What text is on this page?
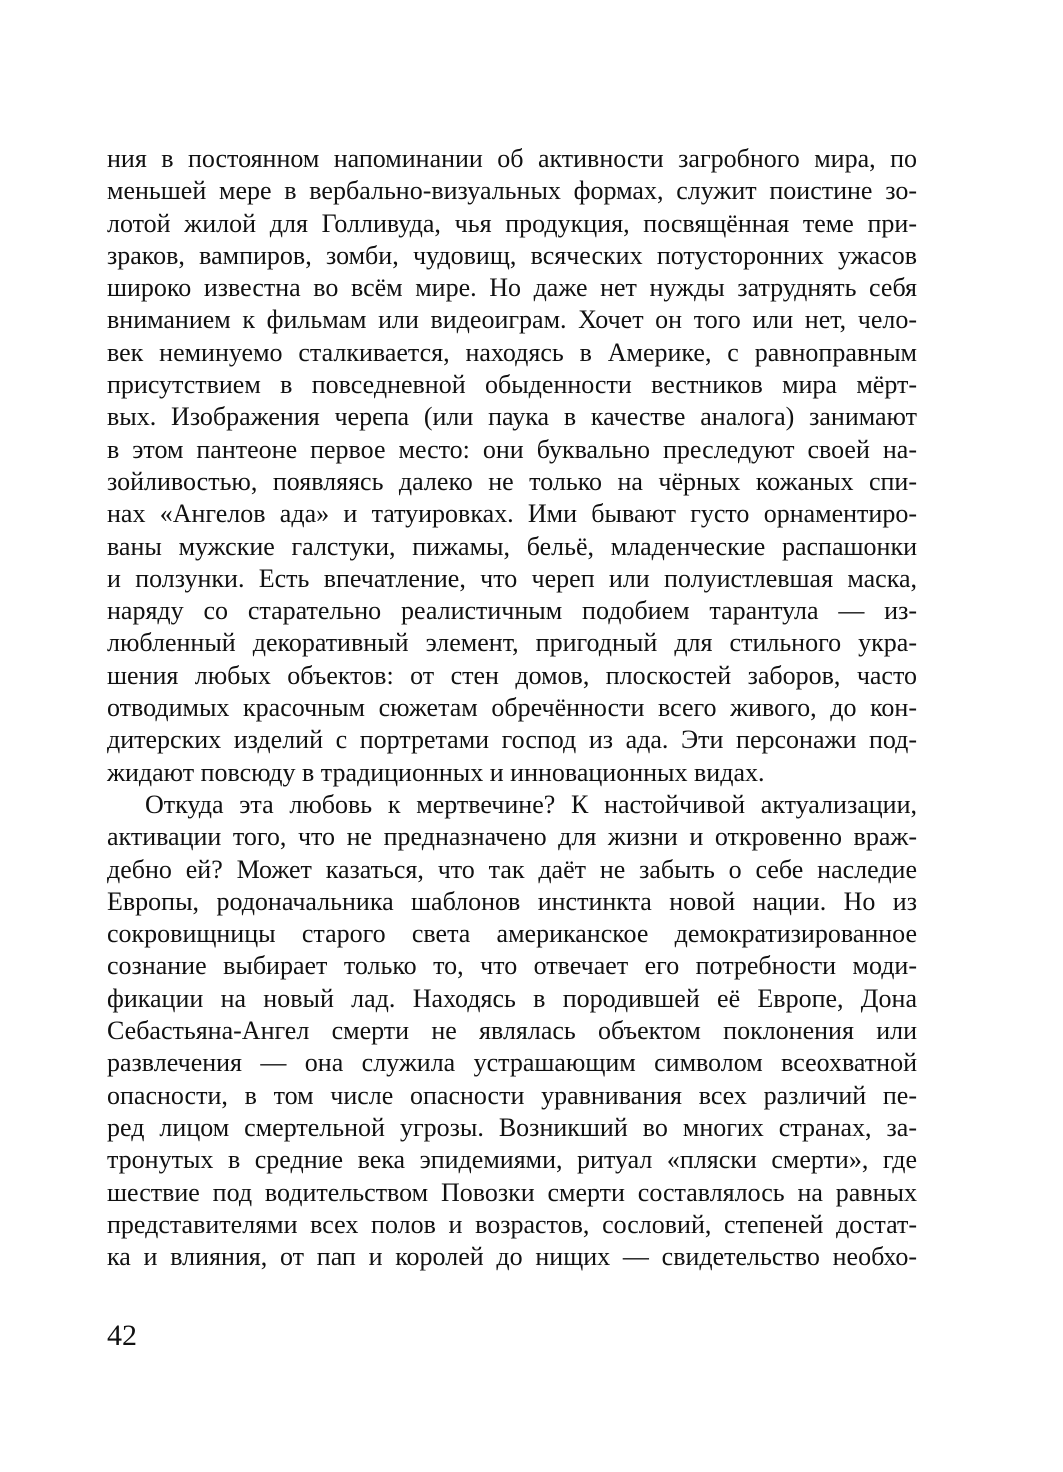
ния в постоянном напоминании об активности загробного мира, по
меньшей мере в вербально-визуальных формах, служит поистине зо-
лотой жилой для Голливуда, чья продукция, посвящённая теме при-
зраков, вампиров, зомби, чудовищ, всяческих потусторонних ужасов
широко известна во всём мире. Но даже нет нужды затруднять себя
вниманием к фильмам или видеоиграм. Хочет он того или нет, чело-
век неминуемо сталкивается, находясь в Америке, с равноправным
присутствием в повседневной обыденности вестников мира мёрт-
вых. Изображения черепа (или паука в качестве аналога) занимают
в этом пантеоне первое место: они буквально преследуют своей на-
зойливостью, появляясь далеко не только на чёрных кожаных спи-
нах «Ангелов ада» и татуировках. Ими бывают густо орнаментиро-
ваны мужские галстуки, пижамы, бельё, младенческие распашонки
и ползунки. Есть впечатление, что череп или полуистлевшая маска,
наряду со старательно реалистичным подобием тарантула — из-
любленный декоративный элемент, пригодный для стильного укра-
шения любых объектов: от стен домов, плоскостей заборов, часто
отводимых красочным сюжетам обречённости всего живого, до кон-
дитерских изделий с портретами господ из ада. Эти персонажи под-
жидают повсюду в традиционных и инновационных видах.
Откуда эта любовь к мертвечине? К настойчивой актуализации,
активации того, что не предназначено для жизни и откровенно враж-
дебно ей? Может казаться, что так даёт не забыть о себе наследие
Европы, родоначальника шаблонов инстинкта новой нации. Но из
сокровищницы старого света американское демократизированное
сознание выбирает только то, что отвечает его потребности моди-
фикации на новый лад. Находясь в породившей её Европе, Дона
Себастьяна-Ангел смерти не являлась объектом поклонения или
развлечения — она служила устрашающим символом всеохватной
опасности, в том числе опасности уравнивания всех различий пе-
ред лицом смертельной угрозы. Возникший во многих странах, за-
тронутых в средние века эпидемиями, ритуал «пляски смерти», где
шествие под водительством Повозки смерти составлялось на равных
представителями всех полов и возрастов, сословий, степеней достат-
ка и влияния, от пап и королей до нищих — свидетельство необхо-
42
